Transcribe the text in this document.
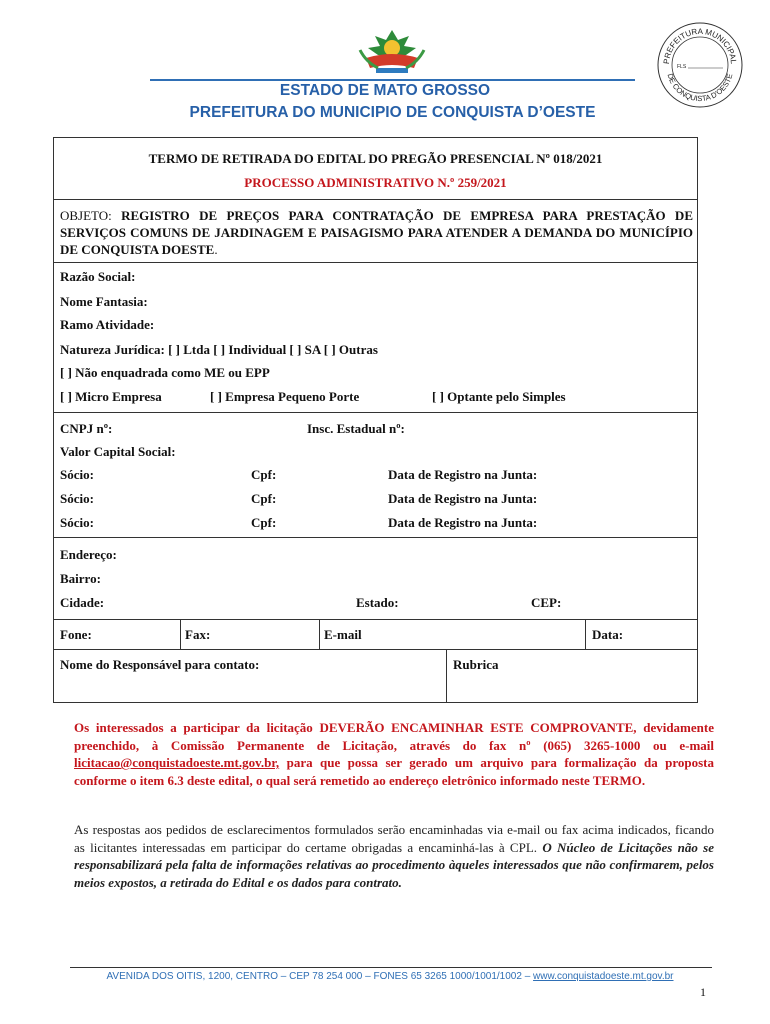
ESTADO DE MATO GROSSO
PREFEITURA DO MUNICIPIO DE CONQUISTA D’OESTE
PREFEITURA MUNICIPAL
DE CONQUISTA D'OESTE
FLS
TERMO DE RETIRADA DO EDITAL DO PREGÃO PRESENCIAL Nº 018/2021
PROCESSO ADMINISTRATIVO N.º 259/2021
OBJETO: REGISTRO DE PREÇOS PARA CONTRATAÇÃO DE EMPRESA PARA PRESTAÇÃO DE SERVIÇOS COMUNS DE JARDINAGEM E PAISAGISMO PARA ATENDER A DEMANDA DO MUNICÍPIO DE CONQUISTA DOESTE.
Razão Social:
Nome Fantasia:
Ramo Atividade:
Natureza Jurídica: [ ] Ltda [ ] Individual [ ] SA [ ] Outras
[ ] Não enquadrada como ME ou EPP
[ ] Micro Empresa	[ ] Empresa Pequeno Porte	[ ] Optante pelo Simples
CNPJ nº:	Insc. Estadual nº:
Valor Capital Social:
Sócio:	Cpf:	Data de Registro na Junta:
Sócio:	Cpf:	Data de Registro na Junta:
Sócio:	Cpf:	Data de Registro na Junta:
Endereço:
Bairro:
Cidade:	Estado:	CEP:
Fone:	Fax:	E-mail	Data:
Nome do Responsável para contato:	Rubrica
Os interessados a participar da licitação DEVERÃO ENCAMINHAR ESTE COMPROVANTE, devidamente preenchido, à Comissão Permanente de Licitação, através do fax nº (065) 3265-1000 ou e-mail licitacao@conquistadoeste.mt.gov.br, para que possa ser gerado um arquivo para formalização da proposta conforme o item 6.3 deste edital, o qual será remetido ao endereço eletrônico informado neste TERMO.
As respostas aos pedidos de esclarecimentos formulados serão encaminhadas via e-mail ou fax acima indicados, ficando as licitantes interessadas em participar do certame obrigadas a encaminhá-las à CPL. O Núcleo de Licitações não se responsabilizará pela falta de informações relativas ao procedimento àqueles interessados que não confirmarem, pelos meios expostos, a retirada do Edital e os dados para contrato.
AVENIDA DOS OITIS, 1200, CENTRO – CEP 78 254 000 – FONES 65 3265 1000/1001/1002 – www.conquistadoeste.mt.gov.br
1
